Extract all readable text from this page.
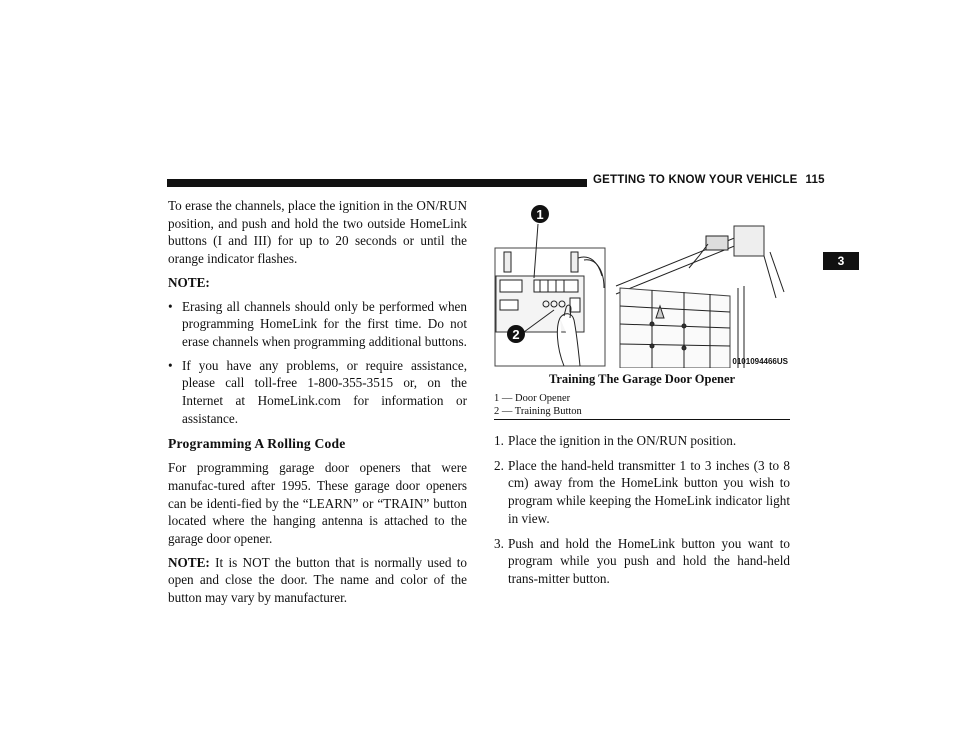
GETTING TO KNOW YOUR VEHICLE 115
3

To erase the channels, place the ignition in the ON/RUN position, and push and hold the two outside HomeLink buttons (I and III) for up to 20 seconds or until the orange indicator flashes.

NOTE:

• Erasing all channels should only be performed when programming HomeLink for the first time. Do not erase channels when programming additional buttons.
• If you have any problems, or require assistance, please call toll-free 1-800-355-3515 or, on the Internet at HomeLink.com for information or assistance.
Programming A Rolling Code

For programming garage door openers that were manufac-tured after 1995. These garage door openers can be identi-fied by the “LEARN” or “TRAIN” button located where the hanging antenna is attached to the garage door opener.

NOTE: It is NOT the button that is normally used to open and close the door. The name and color of the button may vary by manufacturer.

1
2
0101094466US
Training The Garage Door Opener
1 — Door Opener
2 — Training Button
1. Place the ignition in the ON/RUN position.
2. Place the hand-held transmitter 1 to 3 inches (3 to 8 cm) away from the HomeLink button you wish to program while keeping the HomeLink indicator light in view.
3. Push and hold the HomeLink button you want to program while you push and hold the hand-held trans-mitter button.
